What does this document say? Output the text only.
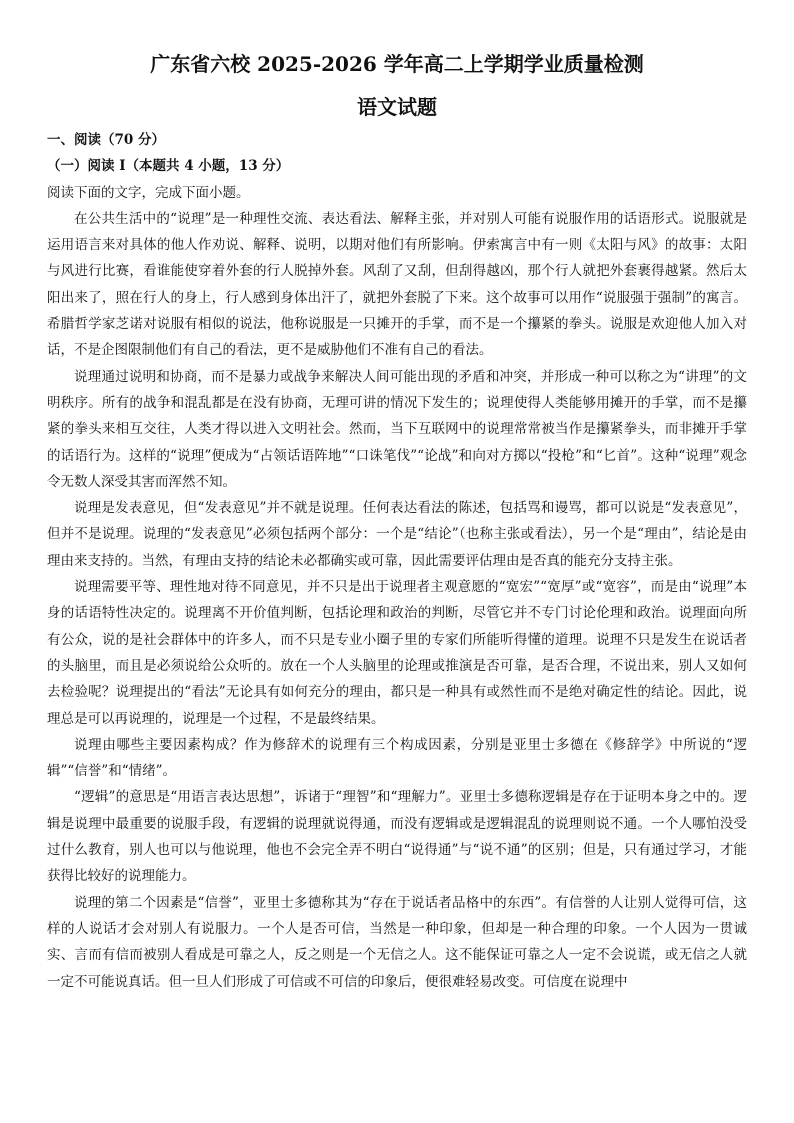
广东省六校 2025-2026 学年高二上学期学业质量检测
语文试题

一、阅读（70 分）

（一）阅读 I（本题共 4 小题，13 分）

阅读下面的文字，完成下面小题。

在公共生活中的“说理”是一种理性交流、表达看法、解释主张，并对别人可能有说服作用的话语形式。说服就是运用语言来对具体的他人作劝说、解释、说明，以期对他们有所影响。伊索寓言中有一则《太阳与风》的故事：太阳与风进行比赛，看谁能使穿着外套的行人脱掉外套。风刮了又刮，但刮得越凶，那个行人就把外套裹得越紧。然后太阳出来了，照在行人的身上，行人感到身体出汗了，就把外套脱了下来。这个故事可以用作“说服强于强制”的寓言。希腊哲学家芝诺对说服有相似的说法，他称说服是一只摊开的手掌，而不是一个攥紧的拳头。说服是欢迎他人加入对话，不是企图限制他们有自己的看法，更不是威胁他们不准有自己的看法。

说理通过说明和协商，而不是暴力或战争来解决人间可能出现的矛盾和冲突，并形成一种可以称之为“讲理”的文明秩序。所有的战争和混乱都是在没有协商，无理可讲的情况下发生的；说理使得人类能够用摊开的手掌，而不是攥紧的拳头来相互交往，人类才得以进入文明社会。然而，当下互联网中的说理常常被当作是攥紧拳头，而非摊开手掌的话语行为。这样的“说理”便成为“占领话语阵地”“口诛笔伐”“论战”和向对方掷以“投枪”和“匕首”。这种“说理”观念令无数人深受其害而浑然不知。

说理是发表意见，但“发表意见”并不就是说理。任何表达看法的陈述，包括骂和谩骂，都可以说是“发表意见”，但并不是说理。说理的“发表意见”必须包括两个部分：一个是“结论”（也称主张或看法），另一个是“理由”，结论是由理由来支持的。当然，有理由支持的结论未必都确实或可靠，因此需要评估理由是否真的能充分支持主张。

说理需要平等、理性地对待不同意见，并不只是出于说理者主观意愿的“宽宏”“宽厚”或“宽容”，而是由“说理”本身的话语特性决定的。说理离不开价值判断，包括论理和政治的判断，尽管它并不专门讨论伦理和政治。说理面向所有公众，说的是社会群体中的许多人，而不只是专业小圈子里的专家们所能听得懂的道理。说理不只是发生在说话者的头脑里，而且是必须说给公众听的。放在一个人头脑里的论理或推演是否可靠，是否合理，不说出来，别人又如何去检验呢？说理提出的“看法”无论具有如何充分的理由，都只是一种具有或然性而不是绝对确定性的结论。因此，说理总是可以再说理的，说理是一个过程，不是最终结果。

说理由哪些主要因素构成？作为修辞术的说理有三个构成因素，分别是亚里士多德在《修辞学》中所说的“逻辑”“信誉”和“情绪”。

“逻辑”的意思是“用语言表达思想”，诉诸于“理智”和“理解力”。亚里士多德称逻辑是存在于证明本身之中的。逻辑是说理中最重要的说服手段，有逻辑的说理就说得通，而没有逻辑或是逻辑混乱的说理则说不通。一个人哪怕没受过什么教育，别人也可以与他说理，他也不会完全弄不明白“说得通”与“说不通”的区别；但是，只有通过学习，才能获得比较好的说理能力。

说理的第二个因素是“信誉”，亚里士多德称其为“存在于说话者品格中的东西”。有信誉的人让别人觉得可信，这样的人说话才会对别人有说服力。一个人是否可信，当然是一种印象，但却是一种合理的印象。一个人因为一贯诚实、言而有信而被别人看成是可靠之人，反之则是一个无信之人。这不能保证可靠之人一定不会说谎，或无信之人就一定不可能说真话。但一旦人们形成了可信或不可信的印象后，便很难轻易改变。可信度在说理中
